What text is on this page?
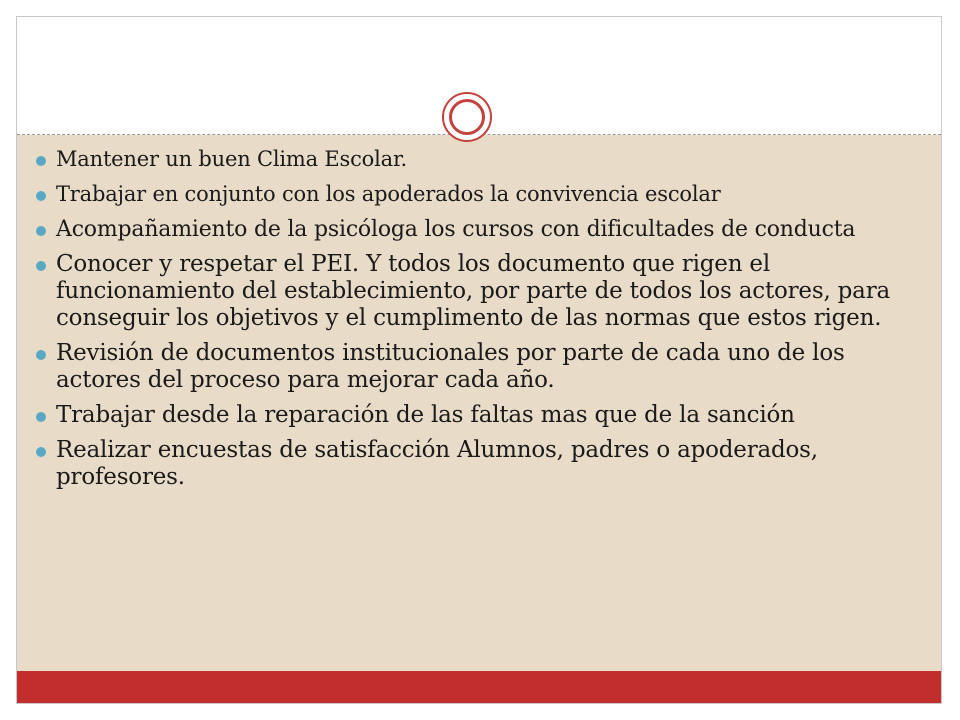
Mantener un buen Clima Escolar.
Trabajar en conjunto con los apoderados la convivencia escolar
Acompañamiento de la psicóloga los cursos con dificultades de conducta
Conocer y respetar el PEI. Y todos los documento que rigen el funcionamiento del establecimiento, por parte de todos los actores, para conseguir los objetivos y el cumplimento de las normas que estos rigen.
Revisión de documentos institucionales por parte de cada uno de los actores del proceso para mejorar cada año.
Trabajar desde la reparación de las faltas mas que de la sanción
Realizar encuestas de satisfacción Alumnos, padres o apoderados, profesores.
